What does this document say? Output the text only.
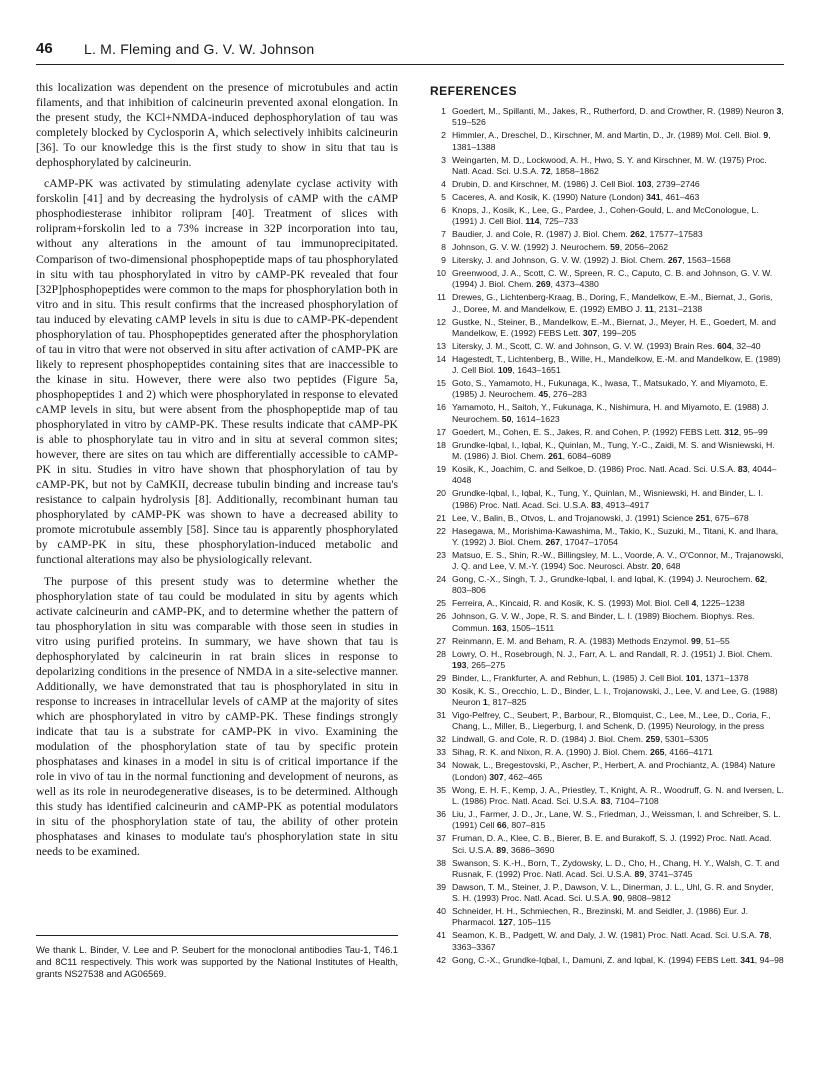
46 L. M. Fleming and G. V. W. Johnson

this localization was dependent on the presence of microtubules and actin filaments, and that inhibition of calcineurin prevented axonal elongation. In the present study, the KCl+NMDA-induced dephosphorylation of tau was completely blocked by Cyclosporin A, which selectively inhibits calcineurin [36]. To our knowledge this is the first study to show in situ that tau is dephosphorylated by calcineurin.

cAMP-PK was activated by stimulating adenylate cyclase activity with forskolin [41] and by decreasing the hydrolysis of cAMP with the cAMP phosphodiesterase inhibitor rolipram [40]. Treatment of slices with rolipram+forskolin led to a 73% increase in 32P incorporation into tau, without any alterations in the amount of tau immunoprecipitated. Comparison of two-dimensional phosphopeptide maps of tau phosphorylated in situ with tau phosphorylated in vitro by cAMP-PK revealed that four [32P]phosphopeptides were common to the maps for phosphorylation both in vitro and in situ. This result confirms that the increased phosphorylation of tau induced by elevating cAMP levels in situ is due to cAMP-PK-dependent phosphorylation of tau. Phosphopeptides generated after the phosphorylation of tau in vitro that were not observed in situ after activation of cAMP-PK are likely to represent phosphopeptides containing sites that are inaccessible to the kinase in situ. However, there were also two peptides (Figure 5a, phosphopeptides 1 and 2) which were phosphorylated in response to elevated cAMP levels in situ, but were absent from the phosphopeptide map of tau phosphorylated in vitro by cAMP-PK. These results indicate that cAMP-PK is able to phosphorylate tau in vitro and in situ at several common sites; however, there are sites on tau which are differentially accessible to cAMP-PK in situ. Studies in vitro have shown that phosphorylation of tau by cAMP-PK, but not by CaMKII, decrease tubulin binding and increase tau's resistance to calpain hydrolysis [8]. Additionally, recombinant human tau phosphorylated by cAMP-PK was shown to have a decreased ability to promote microtubule assembly [58]. Since tau is apparently phosphorylated by cAMP-PK in situ, these phosphorylation-induced metabolic and functional alterations may also be physiologically relevant.

The purpose of this present study was to determine whether the phosphorylation state of tau could be modulated in situ by agents which activate calcineurin and cAMP-PK, and to determine whether the pattern of tau phosphorylation in situ was comparable with those seen in studies in vitro using purified proteins. In summary, we have shown that tau is dephosphorylated by calcineurin in rat brain slices in response to depolarizing conditions in the presence of NMDA in a site-selective manner. Additionally, we have demonstrated that tau is phosphorylated in situ in response to increases in intracellular levels of cAMP at the majority of sites which are phosphorylated in vitro by cAMP-PK. These findings strongly indicate that tau is a substrate for cAMP-PK in vivo. Examining the modulation of the phosphorylation state of tau by specific protein phosphatases and kinases in a model in situ is of critical importance if the role in vivo of tau in the normal functioning and development of neurons, as well as its role in neurodegenerative diseases, is to be determined. Although this study has identified calcineurin and cAMP-PK as potential modulators in situ of the phosphorylation state of tau, the ability of other protein phosphatases and kinases to modulate tau's phosphorylation state in situ needs to be examined.

We thank L. Binder, V. Lee and P. Seubert for the monoclonal antibodies Tau-1, T46.1 and 8C11 respectively. This work was supported by the National Institutes of Health, grants NS27538 and AG06569.
REFERENCES
1 Goedert, M., Spillanti, M., Jakes, R., Rutherford, D. and Crowther, R. (1989) Neuron 3, 519–526
2 Himmler, A., Dreschel, D., Kirschner, M. and Martin, D., Jr. (1989) Mol. Cell. Biol. 9, 1381–1388
3 Weingarten, M. D., Lockwood, A. H., Hwo, S. Y. and Kirschner, M. W. (1975) Proc. Natl. Acad. Sci. U.S.A. 72, 1858–1862
4 Drubin, D. and Kirschner, M. (1986) J. Cell Biol. 103, 2739–2746
5 Caceres, A. and Kosik, K. (1990) Nature (London) 341, 461–463
6 Knops, J., Kosik, K., Lee, G., Pardee, J., Cohen-Gould, L. and McConologue, L. (1991) J. Cell Biol. 114, 725–733
7 Baudier, J. and Cole, R. (1987) J. Biol. Chem. 262, 17577–17583
8 Johnson, G. V. W. (1992) J. Neurochem. 59, 2056–2062
9 Litersky, J. and Johnson, G. V. W. (1992) J. Biol. Chem. 267, 1563–1568
10 Greenwood, J. A., Scott, C. W., Spreen, R. C., Caputo, C. B. and Johnson, G. V. W. (1994) J. Biol. Chem. 269, 4373–4380
11 Drewes, G., Lichtenberg-Kraag, B., Doring, F., Mandelkow, E.-M., Biernat, J., Goris, J., Doree, M. and Mandelkow, E. (1992) EMBO J. 11, 2131–2138
12 Gustke, N., Steiner, B., Mandelkow, E.-M., Biernat, J., Meyer, H. E., Goedert, M. and Mandelkow, E. (1992) FEBS Lett. 307, 199–205
13 Litersky, J. M., Scott, C. W. and Johnson, G. V. W. (1993) Brain Res. 604, 32–40
14 Hagestedt, T., Lichtenberg, B., Wille, H., Mandelkow, E.-M. and Mandelkow, E. (1989) J. Cell Biol. 109, 1643–1651
15 Goto, S., Yamamoto, H., Fukunaga, K., Iwasa, T., Matsukado, Y. and Miyamoto, E. (1985) J. Neurochem. 45, 276–283
16 Yamamoto, H., Saitoh, Y., Fukunaga, K., Nishimura, H. and Miyamoto, E. (1988) J. Neurochem. 50, 1614–1623
17 Goedert, M., Cohen, E. S., Jakes, R. and Cohen, P. (1992) FEBS Lett. 312, 95–99
18 Grundke-Iqbal, I., Iqbal, K., Quinlan, M., Tung, Y.-C., Zaidi, M. S. and Wisniewski, H. M. (1986) J. Biol. Chem. 261, 6084–6089
19 Kosik, K., Joachim, C. and Selkoe, D. (1986) Proc. Natl. Acad. Sci. U.S.A. 83, 4044–4048
20 Grundke-Iqbal, I., Iqbal, K., Tung, Y., Quinlan, M., Wisniewski, H. and Binder, L. I. (1986) Proc. Natl. Acad. Sci. U.S.A. 83, 4913–4917
21 Lee, V., Balin, B., Otvos, L. and Trojanowski, J. (1991) Science 251, 675–678
22 Hasegawa, M., Morishima-Kawashima, M., Takio, K., Suzuki, M., Titani, K. and Ihara, Y. (1992) J. Biol. Chem. 267, 17047–17054
23 Matsuo, E. S., Shin, R.-W., Billingsley, M. L., Voorde, A. V., O'Connor, M., Trajanowski, J. Q. and Lee, V. M.-Y. (1994) Soc. Neurosci. Abstr. 20, 648
24 Gong, C.-X., Singh, T. J., Grundke-Iqbal, I. and Iqbal, K. (1994) J. Neurochem. 62, 803–806
25 Ferreira, A., Kincaid, R. and Kosik, K. S. (1993) Mol. Biol. Cell 4, 1225–1238
26 Johnson, G. V. W., Jope, R. S. and Binder, L. I. (1989) Biochem. Biophys. Res. Commun. 163, 1505–1511
27 Reinmann, E. M. and Beham, R. A. (1983) Methods Enzymol. 99, 51–55
28 Lowry, O. H., Rosebrough, N. J., Farr, A. L. and Randall, R. J. (1951) J. Biol. Chem. 193, 265–275
29 Binder, L., Frankfurter, A. and Rebhun, L. (1985) J. Cell Biol. 101, 1371–1378
30 Kosik, K. S., Orecchio, L. D., Binder, L. I., Trojanowski, J., Lee, V. and Lee, G. (1988) Neuron 1, 817–825
31 Vigo-Pelfrey, C., Seubert, P., Barbour, R., Blomquist, C., Lee, M., Lee, D., Coria, F., Chang, L., Miller, B., Liegerburg, I. and Schenk, D. (1995) Neurology, in the press
32 Lindwall, G. and Cole, R. D. (1984) J. Biol. Chem. 259, 5301–5305
33 Sihag, R. K. and Nixon, R. A. (1990) J. Biol. Chem. 265, 4166–4171
34 Nowak, L., Bregestovski, P., Ascher, P., Herbert, A. and Prochiantz, A. (1984) Nature (London) 307, 462–465
35 Wong, E. H. F., Kemp, J. A., Priestley, T., Knight, A. R., Woodruff, G. N. and Iversen, L. L. (1986) Proc. Natl. Acad. Sci. U.S.A. 83, 7104–7108
36 Liu, J., Farmer, J. D., Jr., Lane, W. S., Friedman, J., Weissman, I. and Schreiber, S. L. (1991) Cell 66, 807–815
37 Fruman, D. A., Klee, C. B., Bierer, B. E. and Burakoff, S. J. (1992) Proc. Natl. Acad. Sci. U.S.A. 89, 3686–3690
38 Swanson, S. K.-H., Born, T., Zydowsky, L. D., Cho, H., Chang, H. Y., Walsh, C. T. and Rusnak, F. (1992) Proc. Natl. Acad. Sci. U.S.A. 89, 3741–3745
39 Dawson, T. M., Steiner, J. P., Dawson, V. L., Dinerman, J. L., Uhl, G. R. and Snyder, S. H. (1993) Proc. Natl. Acad. Sci. U.S.A. 90, 9808–9812
40 Schneider, H. H., Schmiechen, R., Brezinski, M. and Seidler, J. (1986) Eur. J. Pharmacol. 127, 105–115
41 Seamon, K. B., Padgett, W. and Daly, J. W. (1981) Proc. Natl. Acad. Sci. U.S.A. 78, 3363–3367
42 Gong, C.-X., Grundke-Iqbal, I., Damuni, Z. and Iqbal, K. (1994) FEBS Lett. 341, 94–98
